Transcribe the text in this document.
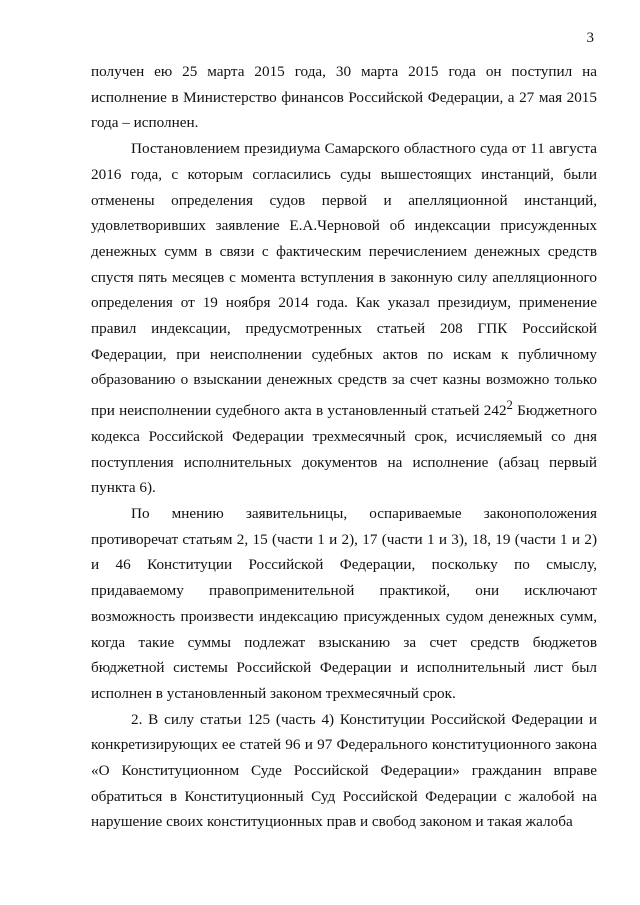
3

получен ею 25 марта 2015 года, 30 марта 2015 года он поступил на исполнение в Министерство финансов Российской Федерации, а 27 мая 2015 года – исполнен.

Постановлением президиума Самарского областного суда от 11 августа 2016 года, с которым согласились суды вышестоящих инстанций, были отменены определения судов первой и апелляционной инстанций, удовлетворивших заявление Е.А.Черновой об индексации присужденных денежных сумм в связи с фактическим перечислением денежных средств спустя пять месяцев с момента вступления в законную силу апелляционного определения от 19 ноября 2014 года. Как указал президиум, применение правил индексации, предусмотренных статьей 208 ГПК Российской Федерации, при неисполнении судебных актов по искам к публичному образованию о взыскании денежных средств за счет казны возможно только при неисполнении судебного акта в установленный статьей $242^2$ Бюджетного кодекса Российской Федерации трехмесячный срок, исчисляемый со дня поступления исполнительных документов на исполнение (абзац первый пункта 6).

По мнению заявительницы, оспариваемые законоположения противоречат статьям 2, 15 (части 1 и 2), 17 (части 1 и 3), 18, 19 (части 1 и 2) и 46 Конституции Российской Федерации, поскольку по смыслу, придаваемому правоприменительной практикой, они исключают возможность произвести индексацию присужденных судом денежных сумм, когда такие суммы подлежат взысканию за счет средств бюджетов бюджетной системы Российской Федерации и исполнительный лист был исполнен в установленный законом трехмесячный срок.

2. В силу статьи 125 (часть 4) Конституции Российской Федерации и конкретизирующих ее статей 96 и 97 Федерального конституционного закона «О Конституционном Суде Российской Федерации» гражданин вправе обратиться в Конституционный Суд Российской Федерации с жалобой на нарушение своих конституционных прав и свобод законом и такая жалоба
